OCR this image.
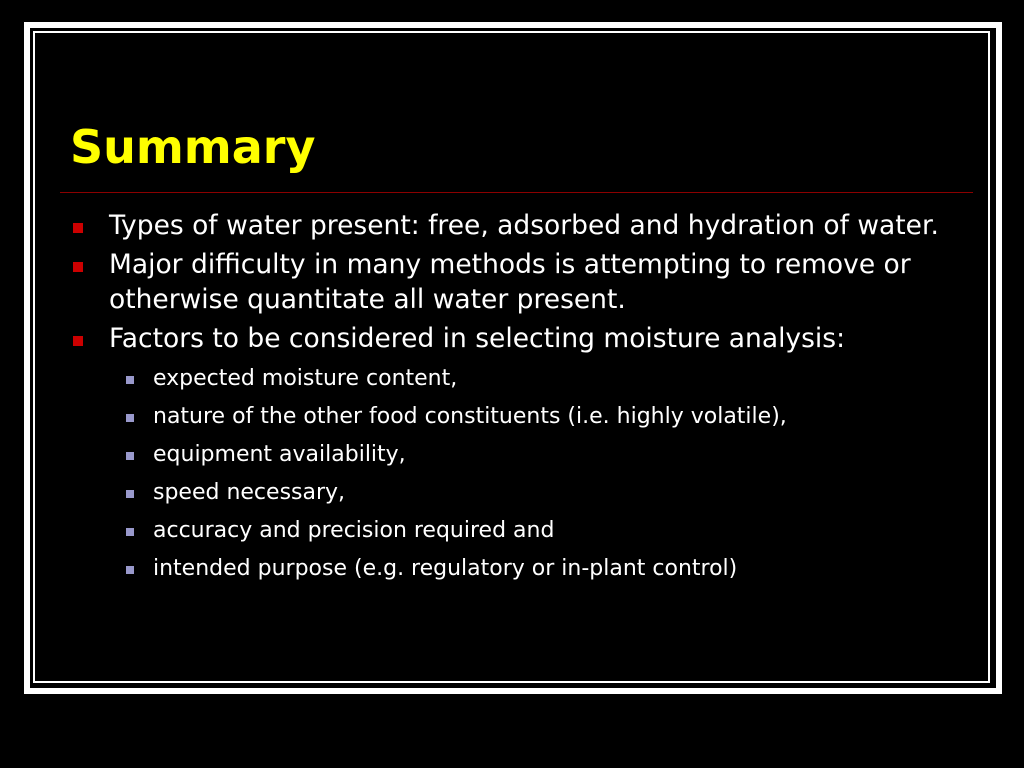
Summary
Types of water present: free, adsorbed and hydration of water.
Major difficulty in many methods is attempting to remove or otherwise quantitate all water present.
Factors to be considered in selecting moisture analysis:
expected moisture content,
nature of the other food constituents (i.e. highly volatile),
equipment availability,
speed necessary,
accuracy and precision required and
intended purpose (e.g. regulatory or in-plant control)
